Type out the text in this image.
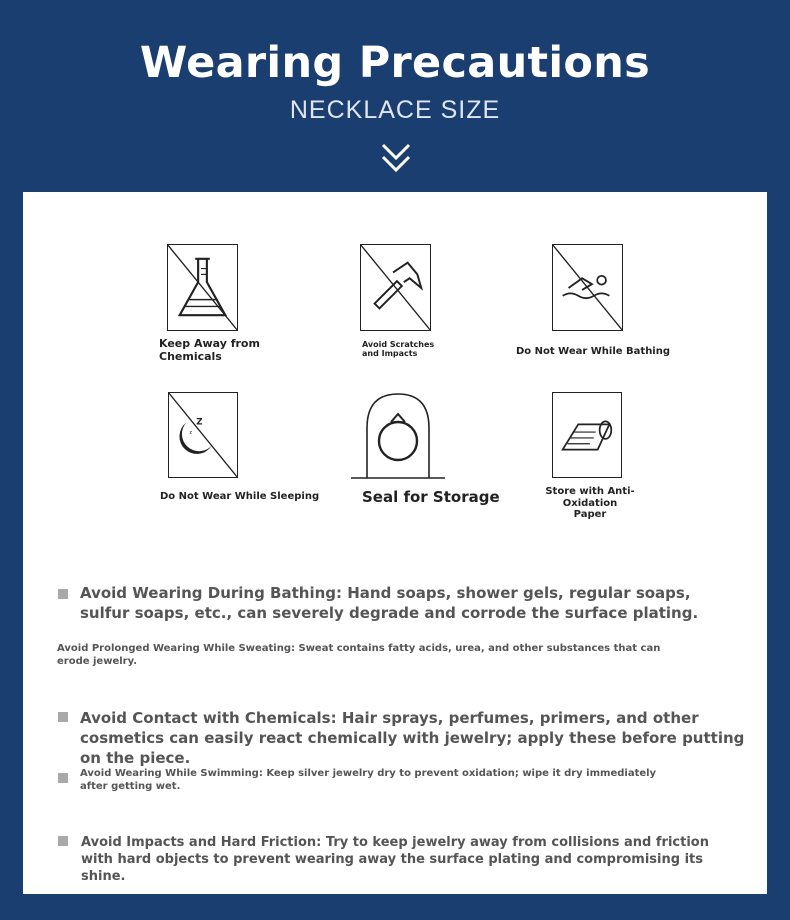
Wearing Precautions
NECKLACE SIZE
Keep Away from Chemicals
Avoid Scratches and Impacts	Do Not Wear While Bathing
Z
z
Do Not Wear While Sleeping	Seal for Storage	Store with Anti-Oxidation Paper
Avoid Wearing During Bathing: Hand soaps, shower gels, regular soaps, sulfur soaps, etc., can severely degrade and corrode the surface plating.
Avoid Prolonged Wearing While Sweating: Sweat contains fatty acids, urea, and other substances that can erode jewelry.
Avoid Contact with Chemicals: Hair sprays, perfumes, primers, and other cosmetics can easily react chemically with jewelry; apply these before putting on the piece.
Avoid Wearing While Swimming: Keep silver jewelry dry to prevent oxidation; wipe it dry immediately after getting wet.
Avoid Impacts and Hard Friction: Try to keep jewelry away from collisions and friction with hard objects to prevent wearing away the surface plating and compromising its shine.
